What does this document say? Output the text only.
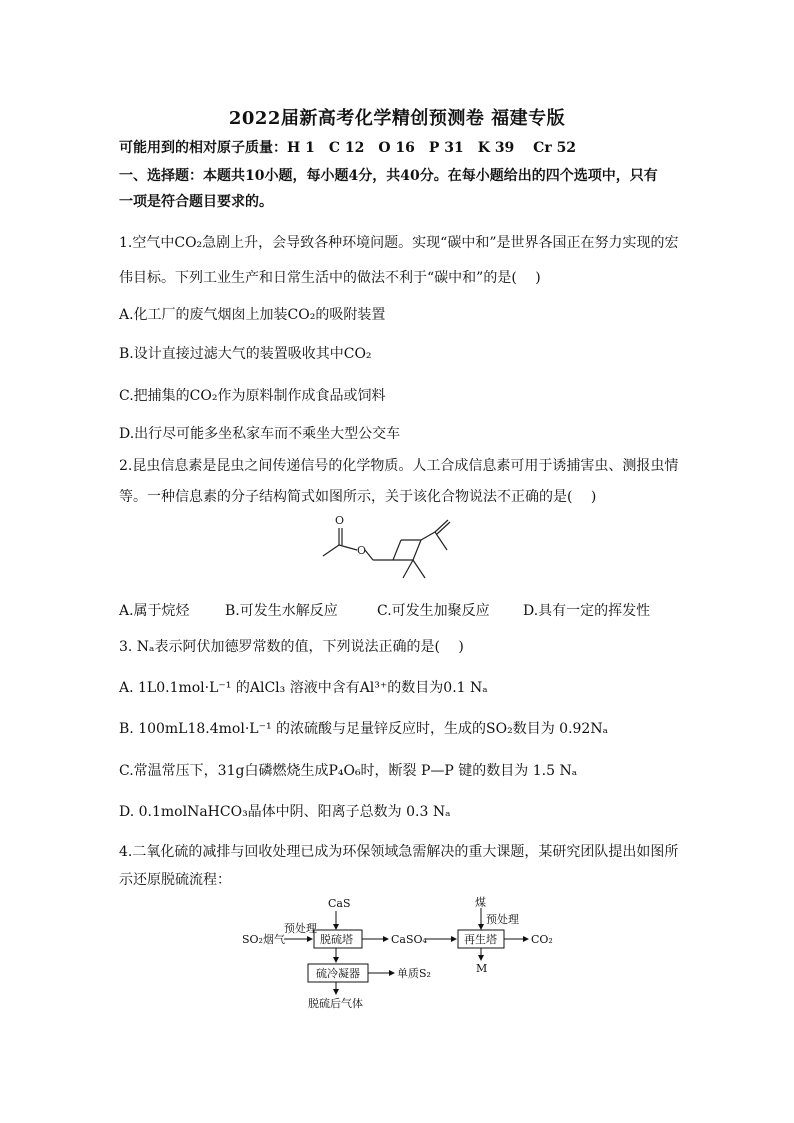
2022届新高考化学精创预测卷 福建专版
可能用到的相对原子质量：H 1　C 12　O 16　P 31　K 39　 Cr 52
一、选择题：本题共10小题，每小题4分，共40分。在每小题给出的四个选项中，只有
一项是符合题目要求的。
1.空气中CO₂急剧上升，会导致各种环境问题。实现“碳中和”是世界各国正在努力实现的宏
伟目标。下列工业生产和日常生活中的做法不利于“碳中和”的是(　 )
A.化工厂的废气烟囱上加装CO₂的吸附装置
B.设计直接过滤大气的装置吸收其中CO₂
C.把捕集的CO₂作为原料制作成食品或饲料
D.出行尽可能多坐私家车而不乘坐大型公交车
2.昆虫信息素是昆虫之间传递信号的化学物质。人工合成信息素可用于诱捕害虫、测报虫情
等。一种信息素的分子结构简式如图所示，关于该化合物说法不正确的是(　 )
O
O
A.属于烷烃	B.可发生水解反应	C.可发生加聚反应 D.具有一定的挥发性
3. Nₐ表示阿伏加德罗常数的值，下列说法正确的是(　 )
A. 1L0.1mol·L⁻¹ 的AlCl₃ 溶液中含有Al³⁺的数目为0.1 Nₐ
B. 100mL18.4mol·L⁻¹ 的浓硫酸与足量锌反应时，生成的SO₂数目为 0.92Nₐ
C.常温常压下，31g白磷燃烧生成P₄O₆时，断裂 P—P 键的数目为 1.5 Nₐ
D. 0.1molNaHCO₃晶体中阴、阳离子总数为 0.3 Nₐ
4.二氧化硫的减排与回收处理已成为环保领域急需解决的重大课题，某研究团队提出如图所
示还原脱硫流程：
CaS
预处理
SO₂烟气	脱硫塔	CaSO₄
硫冷凝器	单质S₂
脱硫后气体
煤
预处理
再生塔	CO₂
M
